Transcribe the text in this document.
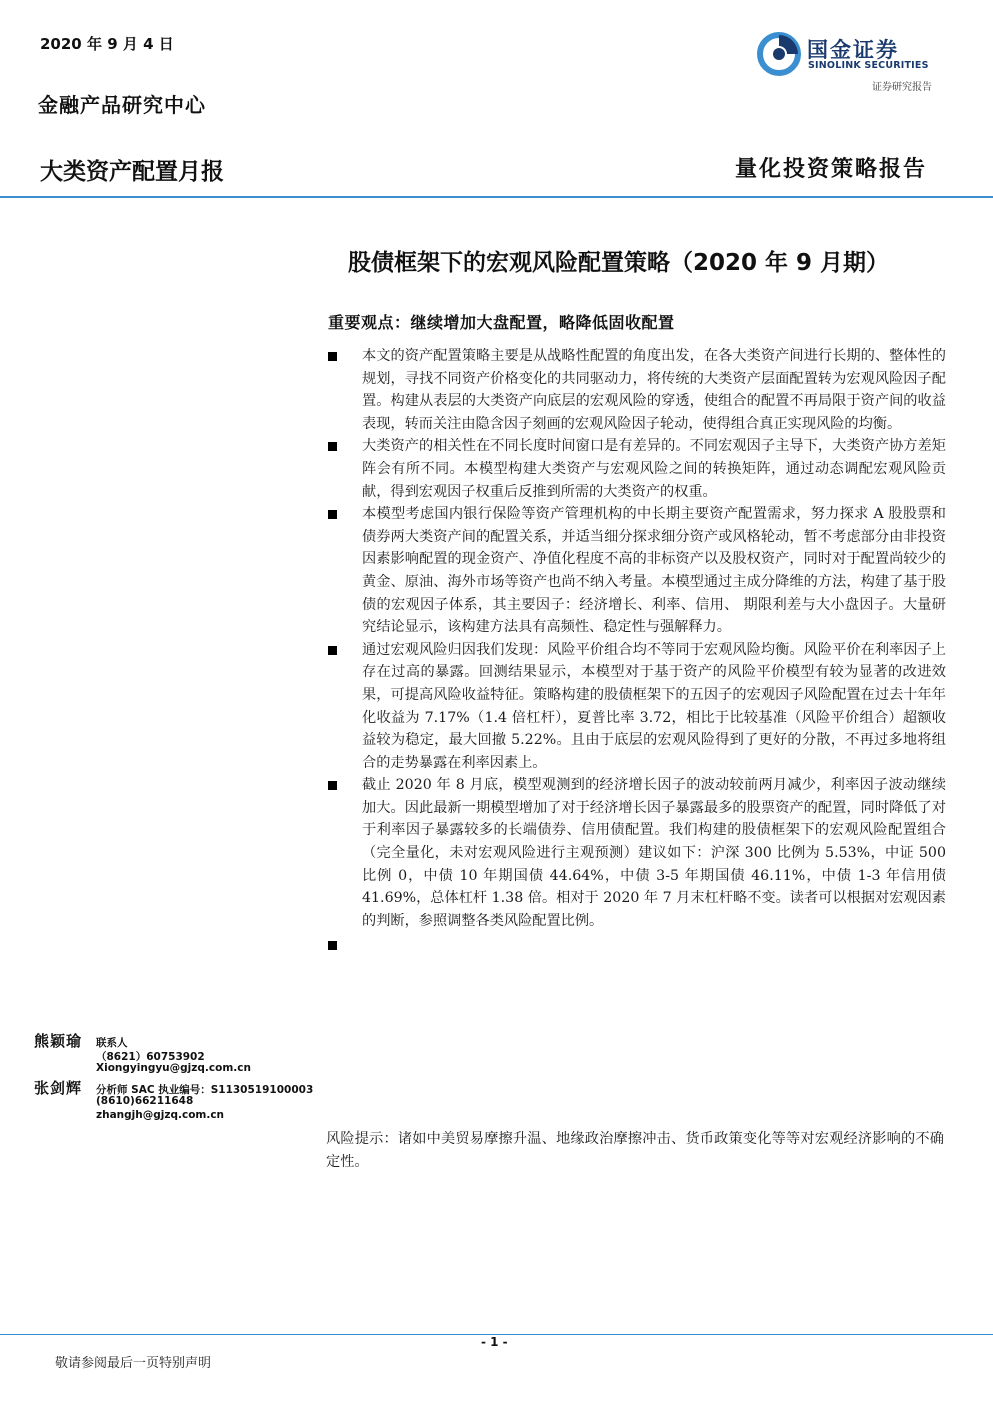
2020 年 9 月 4 日
金融产品研究中心
国金证券
SINOLINK SECURITIES
证券研究报告
大类资产配置月报	量化投资策略报告
股债框架下的宏观风险配置策略（2020 年 9 月期）
重要观点：继续增加大盘配置，略降低固收配置
本文的资产配置策略主要是从战略性配置的角度出发，在各大类资产间进行长期的、整体性的规划，寻找不同资产价格变化的共同驱动力，将传统的大类资产层面配置转为宏观风险因子配置。构建从表层的大类资产向底层的宏观风险的穿透，使组合的配置不再局限于资产间的收益表现，转而关注由隐含因子刻画的宏观风险因子轮动，使得组合真正实现风险的均衡。
大类资产的相关性在不同长度时间窗口是有差异的。不同宏观因子主导下，大类资产协方差矩阵会有所不同。本模型构建大类资产与宏观风险之间的转换矩阵，通过动态调配宏观风险贡献，得到宏观因子权重后反推到所需的大类资产的权重。
本模型考虑国内银行保险等资产管理机构的中长期主要资产配置需求，努力探求 A 股股票和债券两大类资产间的配置关系，并适当细分探求细分资产或风格轮动，暂不考虑部分由非投资因素影响配置的现金资产、净值化程度不高的非标资产以及股权资产，同时对于配置尚较少的黄金、原油、海外市场等资产也尚不纳入考量。本模型通过主成分降维的方法，构建了基于股债的宏观因子体系，其主要因子：经济增长、利率、信用、 期限利差与大小盘因子。大量研究结论显示，该构建方法具有高频性、稳定性与强解释力。
通过宏观风险归因我们发现：风险平价组合均不等同于宏观风险均衡。风险平价在利率因子上存在过高的暴露。回测结果显示，本模型对于基于资产的风险平价模型有较为显著的改进效果，可提高风险收益特征。策略构建的股债框架下的五因子的宏观因子风险配置在过去十年年化收益为 7.17%（1.4 倍杠杆），夏普比率 3.72，相比于比较基准（风险平价组合）超额收益较为稳定，最大回撤 5.22%。且由于底层的宏观风险得到了更好的分散，不再过多地将组合的走势暴露在利率因素上。
截止 2020 年 8 月底，模型观测到的经济增长因子的波动较前两月减少，利率因子波动继续加大。因此最新一期模型增加了对于经济增长因子暴露最多的股票资产的配置，同时降低了对于利率因子暴露较多的长端债券、信用债配置。我们构建的股债框架下的宏观风险配置组合（完全量化，未对宏观风险进行主观预测）建议如下：沪深 300 比例为 5.53%，中证 500 比例 0，中债 10 年期国债 44.64%，中债 3-5 年期国债 46.11%，中债 1-3 年信用债 41.69%，总体杠杆 1.38 倍。相对于 2020 年 7 月末杠杆略不变。读者可以根据对宏观因素的判断，参照调整各类风险配置比例。
熊颖瑜 联系人
（8621）60753902
Xiongyingyu@gjzq.com.cn
张剑辉 分析师 SAC 执业编号：S1130519100003
(8610)66211648
zhangjh@gjzq.com.cn
风险提示：诸如中美贸易摩擦升温、地缘政治摩擦冲击、货币政策变化等等对宏观经济影响的不确定性。
- 1 -
敬请参阅最后一页特别声明
